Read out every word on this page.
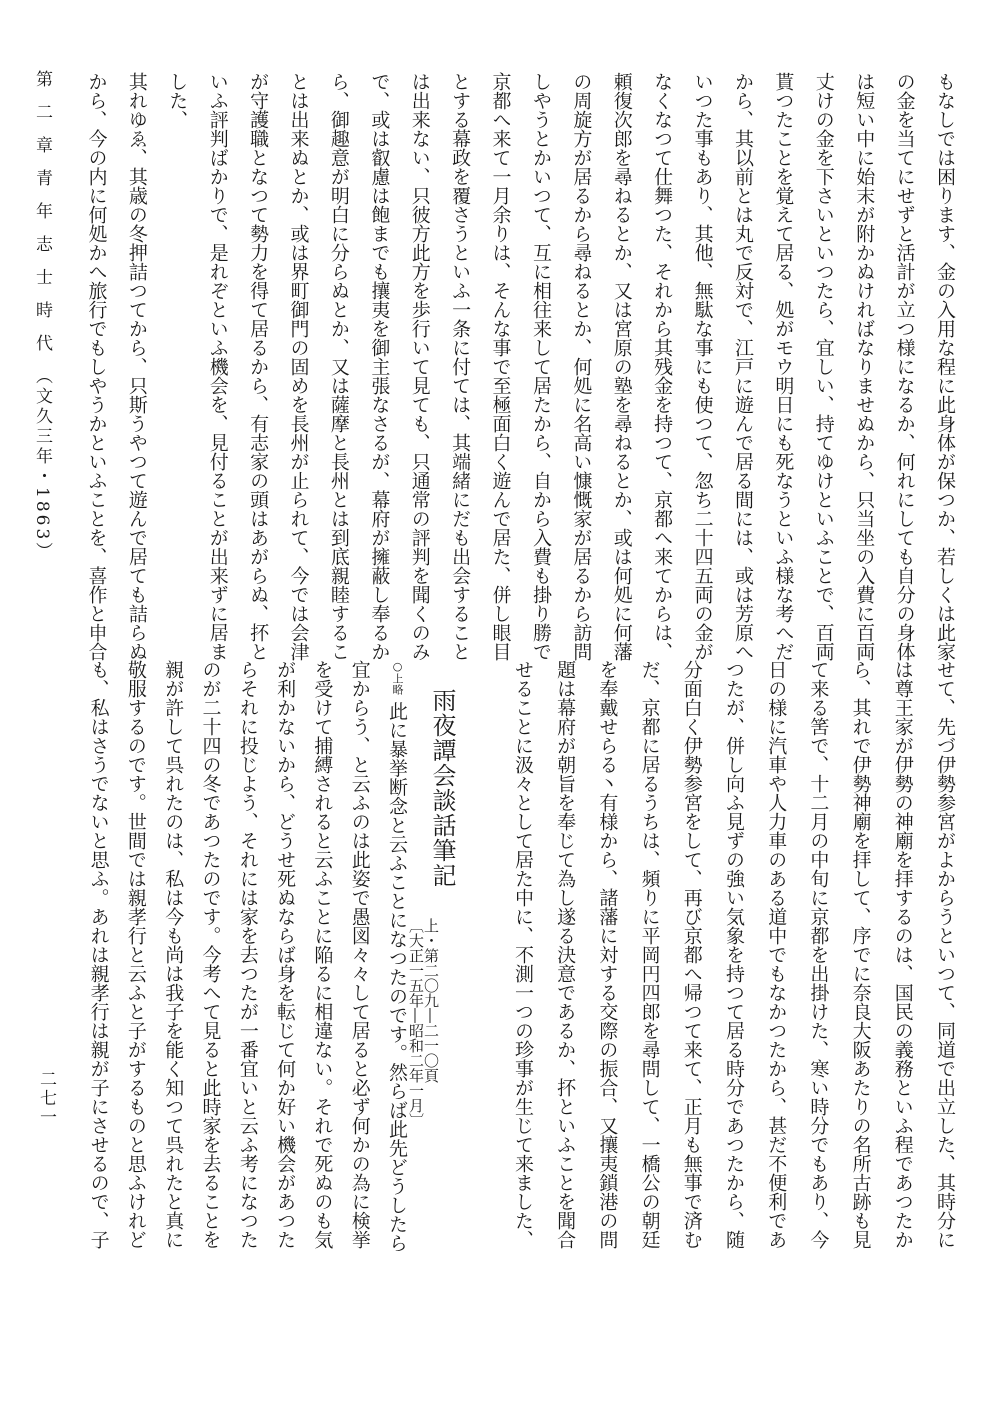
第二章青年志士時代（文久三年・1863）	もなしでは困ります、金の入用な程に此身体が保つか、若しくは此家
の金を当てにせずと活計が立つ様になるか、何れにしても自分の身体
は短い中に始末が附かぬければなりませぬから、只当坐の入費に百両
丈けの金を下さいといつたら、宜しい、持てゆけといふことで、百両
貰つたことを覚えて居る、処がモウ明日にも死なうといふ様な考へだ
から、其以前とは丸で反対で、江戸に遊んで居る間には、或は芳原へ
いつた事もあり、其他、無駄な事にも使つて、忽ち二十四五両の金が
なくなつて仕舞つた、それから其残金を持つて、京都へ来てからは、
頼復次郎を尋ねるとか、又は宮原の塾を尋ねるとか、或は何処に何藩
の周旋方が居るから尋ねるとか、何処に名高い慷慨家が居るから訪問
しやうとかいつて、互に相往来して居たから、自から入費も掛り勝で
京都へ来て一月余りは、そんな事で至極面白く遊んで居た、併し眼目
とする幕政を覆さうといふ一条に付ては、其端緒にだも出会すること
は出来ない、只彼方此方を歩行いて見ても、只通常の評判を聞くのみ
で、或は叡慮は飽までも攘夷を御主張なさるが、幕府が擁蔽し奉るか
ら、御趣意が明白に分らぬとか、又は薩摩と長州とは到底親睦するこ
とは出来ぬとか、或は界町御門の固めを長州が止られて、今では会津
が守護職となつて勢力を得て居るから、有志家の頭はあがらぬ、抔と
いふ評判ばかりで、是れぞといふ機会を、見付ることが出来ずに居ま
した、
其れゆゑ、其歳の冬押詰つてから、只斯うやつて遊んで居ても詰らぬ
から、今の内に何処かへ旅行でもしやうかといふことを、喜作と申合
せて、先づ伊勢参宮がよからうといつて、同道で出立した、其時分に
は尊王家が伊勢の神廟を拝するのは、国民の義務といふ程であつたか
ら、其れで伊勢神廟を拝して、序でに奈良大阪あたりの名所古跡も見
て来る筈で、十二月の中旬に京都を出掛けた、寒い時分でもあり、今
日の様に汽車や人力車のある道中でもなかつたから、甚だ不便利であ
つたが、併し向ふ見ずの強い気象を持つて居る時分であつたから、随
分面白く伊勢参宮をして、再び京都へ帰つて来て、正月も無事で済む
だ、京都に居るうちは、頻りに平岡円四郎を尋問して、一橋公の朝廷
を奉戴せらる丶有様から、諸藩に対する交際の振合、又攘夷鎖港の問
題は幕府が朝旨を奉じて為し遂る決意であるか、抔といふことを聞合
せることに汲々として居た中に、不測一つの珍事が生じて来ました、
雨夜譚会談話筆記
上・第二〇九―二一〇頁
〔大正一五年―昭和二年一月〕
○上略 此に暴挙断念と云ふことになつたのです。然らば此先どうしたら
宜からう、と云ふのは此姿で愚図々々して居ると必ず何かの為に検挙
を受けて捕縛されると云ふことに陥るに相違ない。それで死ぬのも気
が利かないから、どうせ死ぬならば身を転じて何か好い機会があつた
らそれに投じよう、それには家を去つたが一番宜いと云ふ考になつた
のが二十四の冬であつたのです。今考へて見ると此時家を去ることを
親が許して呉れたのは、私は今も尚は我子を能く知つて呉れたと真に
敬服するのです。世間では親孝行と云ふと子がするものと思ふけれど
も、私はさうでないと思ふ。あれは親孝行は親が子にさせるので、子
二七一
